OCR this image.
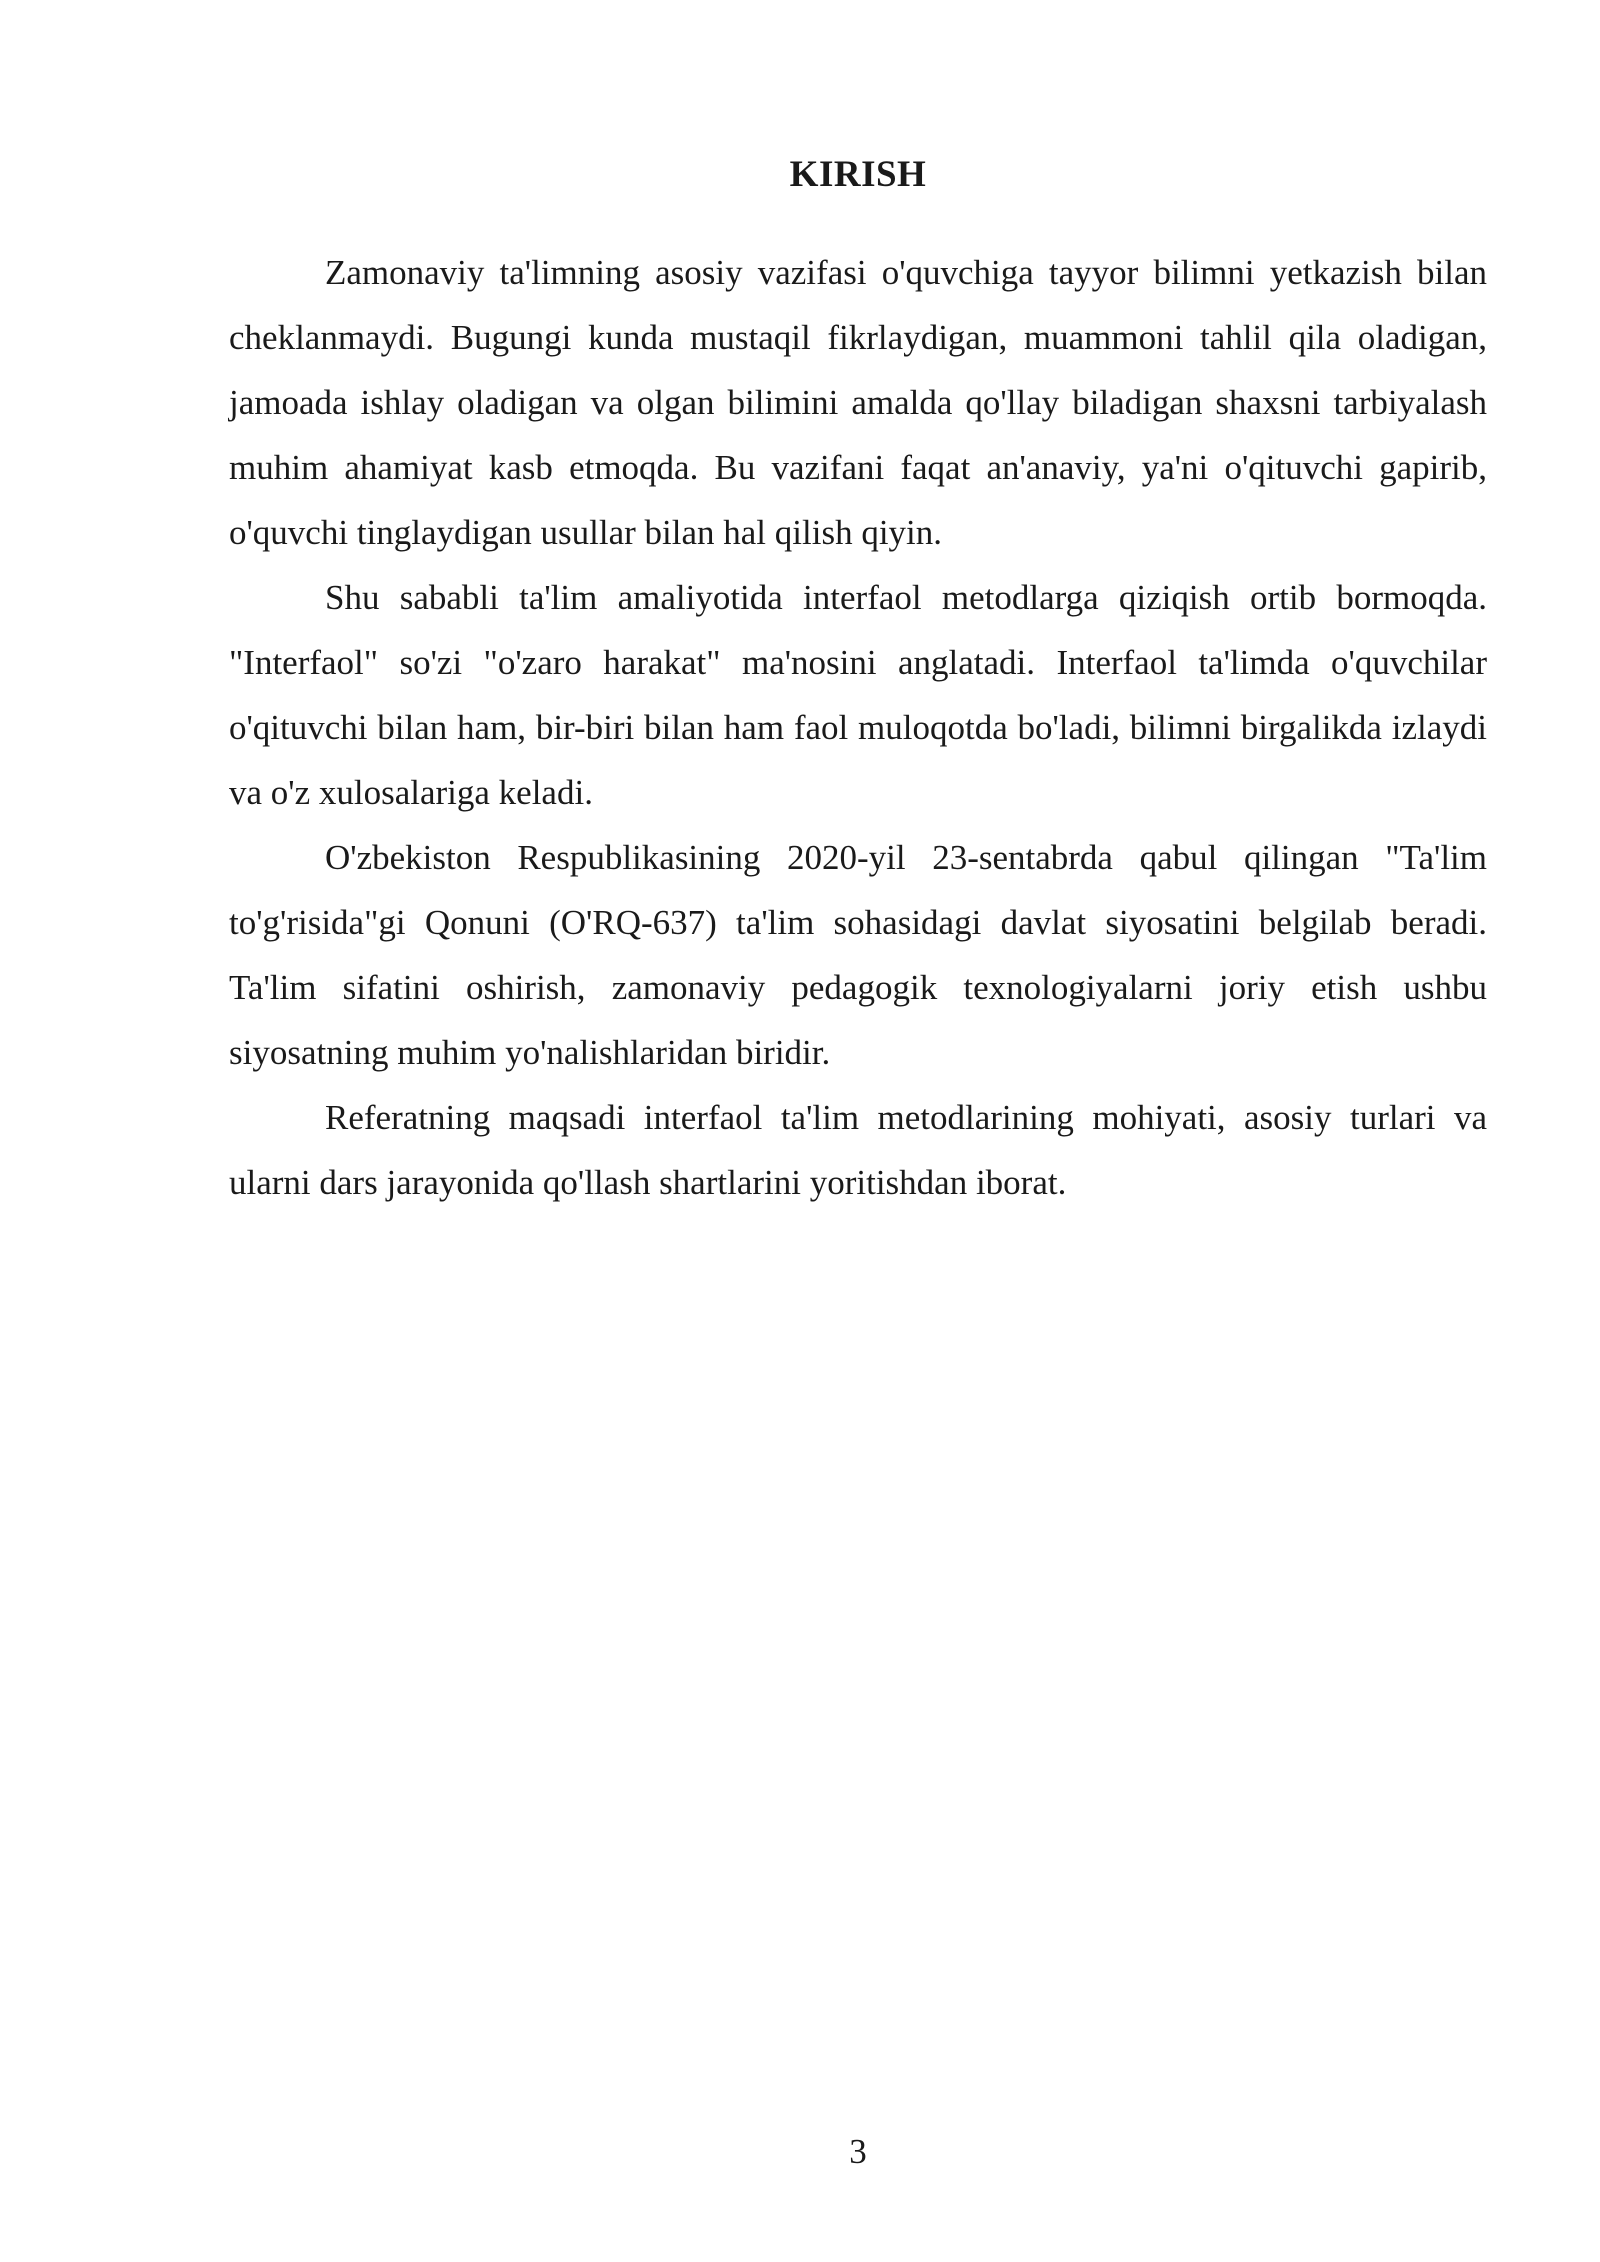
KIRISH

Zamonaviy ta'limning asosiy vazifasi o'quvchiga tayyor bilimni yetkazish bilan cheklanmaydi. Bugungi kunda mustaqil fikrlaydigan, muammoni tahlil qila oladigan, jamoada ishlay oladigan va olgan bilimini amalda qo'llay biladigan shaxsni tarbiyalash muhim ahamiyat kasb etmoqda. Bu vazifani faqat an'anaviy, ya'ni o'qituvchi gapirib, o'quvchi tinglaydigan usullar bilan hal qilish qiyin.

Shu sababli ta'lim amaliyotida interfaol metodlarga qiziqish ortib bormoqda. "Interfaol" so'zi "o'zaro harakat" ma'nosini anglatadi. Interfaol ta'limda o'quvchilar o'qituvchi bilan ham, bir-biri bilan ham faol muloqotda bo'ladi, bilimni birgalikda izlaydi va o'z xulosalariga keladi.

O'zbekiston Respublikasining 2020-yil 23-sentabrda qabul qilingan "Ta'lim to'g'risida"gi Qonuni (O'RQ-637) ta'lim sohasidagi davlat siyosatini belgilab beradi. Ta'lim sifatini oshirish, zamonaviy pedagogik texnologiyalarni joriy etish ushbu siyosatning muhim yo'nalishlaridan biridir.

Referatning maqsadi interfaol ta'lim metodlarining mohiyati, asosiy turlari va ularni dars jarayonida qo'llash shartlarini yoritishdan iborat.

3
